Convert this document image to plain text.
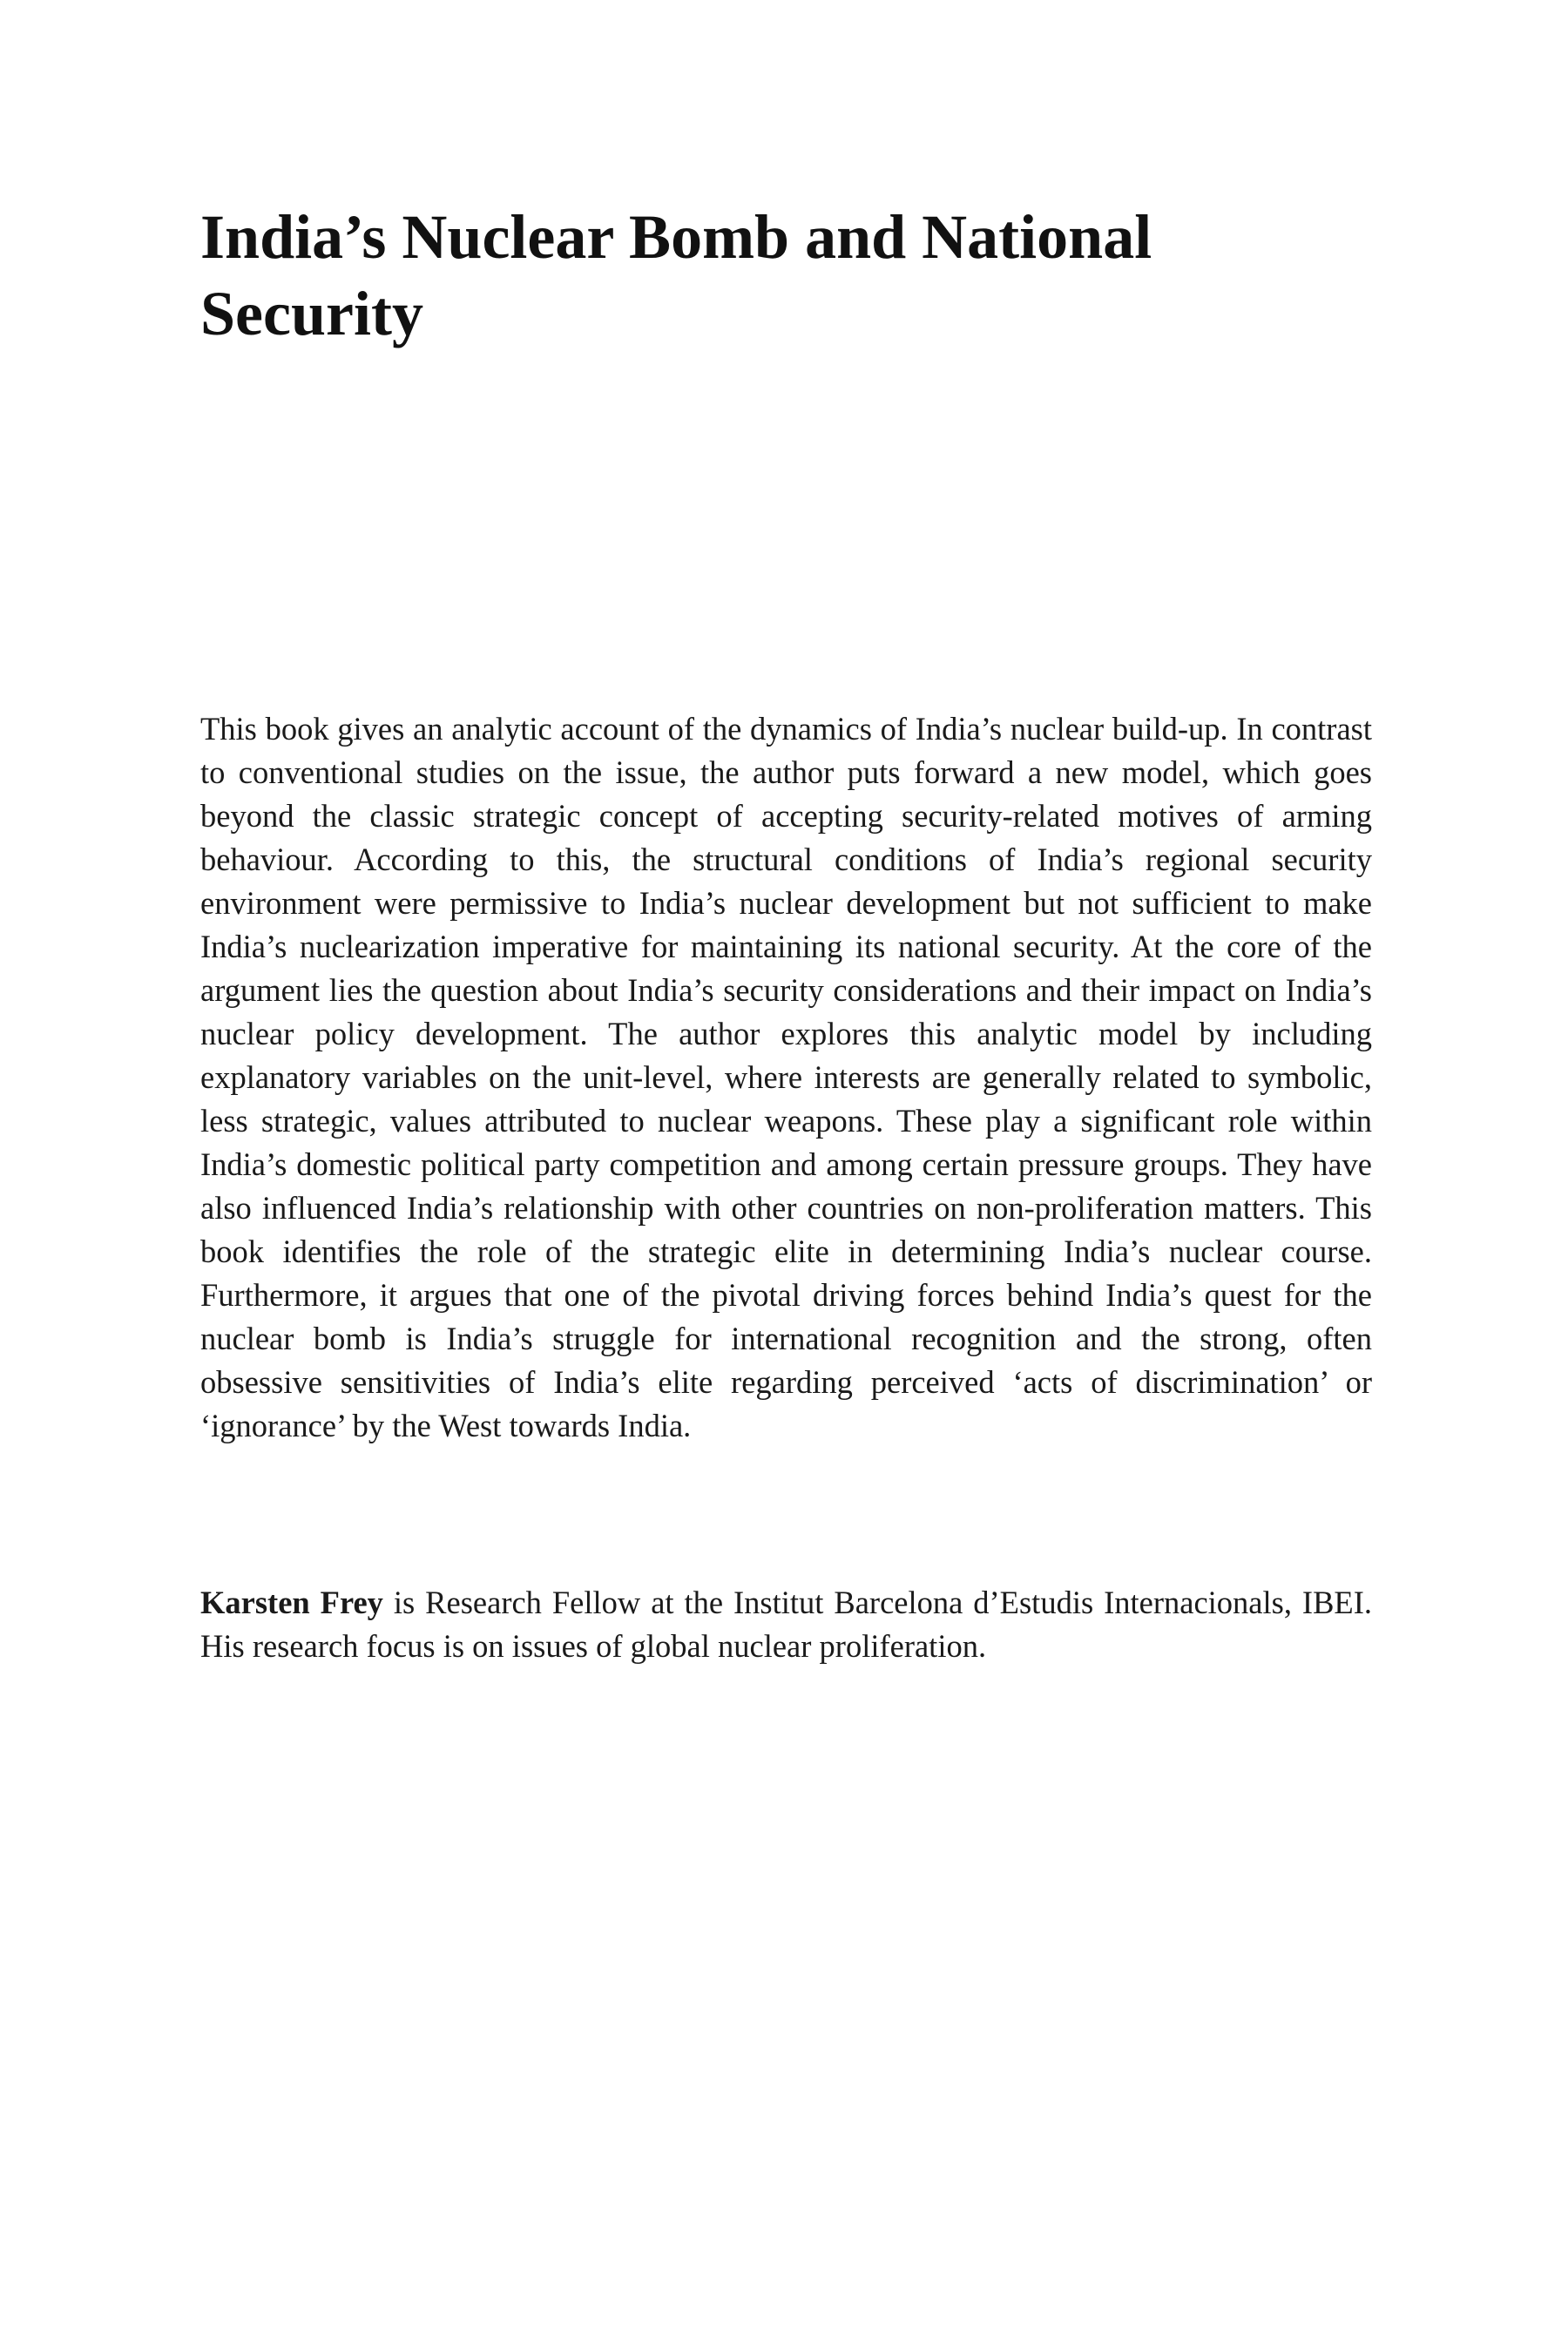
India’s Nuclear Bomb and National
Security

This book gives an analytic account of the dynamics of India’s nuclear build-up. In contrast to conventional studies on the issue, the author puts forward a new model, which goes beyond the classic strategic concept of accepting security-related motives of arming behaviour. According to this, the structural conditions of India’s regional security environment were permissive to India’s nuclear development but not sufficient to make India’s nuclearization imperative for maintaining its national security. At the core of the argument lies the question about India’s security considerations and their impact on India’s nuclear policy development. The author explores this analytic model by including explanatory variables on the unit-level, where interests are generally related to symbolic, less strategic, values attributed to nuclear weapons. These play a significant role within India’s domestic political party competition and among certain pressure groups. They have also influenced India’s relationship with other countries on non-proliferation matters. This book identifies the role of the strategic elite in determining India’s nuclear course. Furthermore, it argues that one of the pivotal driving forces behind India’s quest for the nuclear bomb is India’s struggle for international recognition and the strong, often obsessive sensitivities of India’s elite regarding perceived ‘acts of discrimination’ or ‘ignorance’ by the West towards India.

Karsten Frey is Research Fellow at the Institut Barcelona d’Estudis Internacionals, IBEI. His research focus is on issues of global nuclear proliferation.
